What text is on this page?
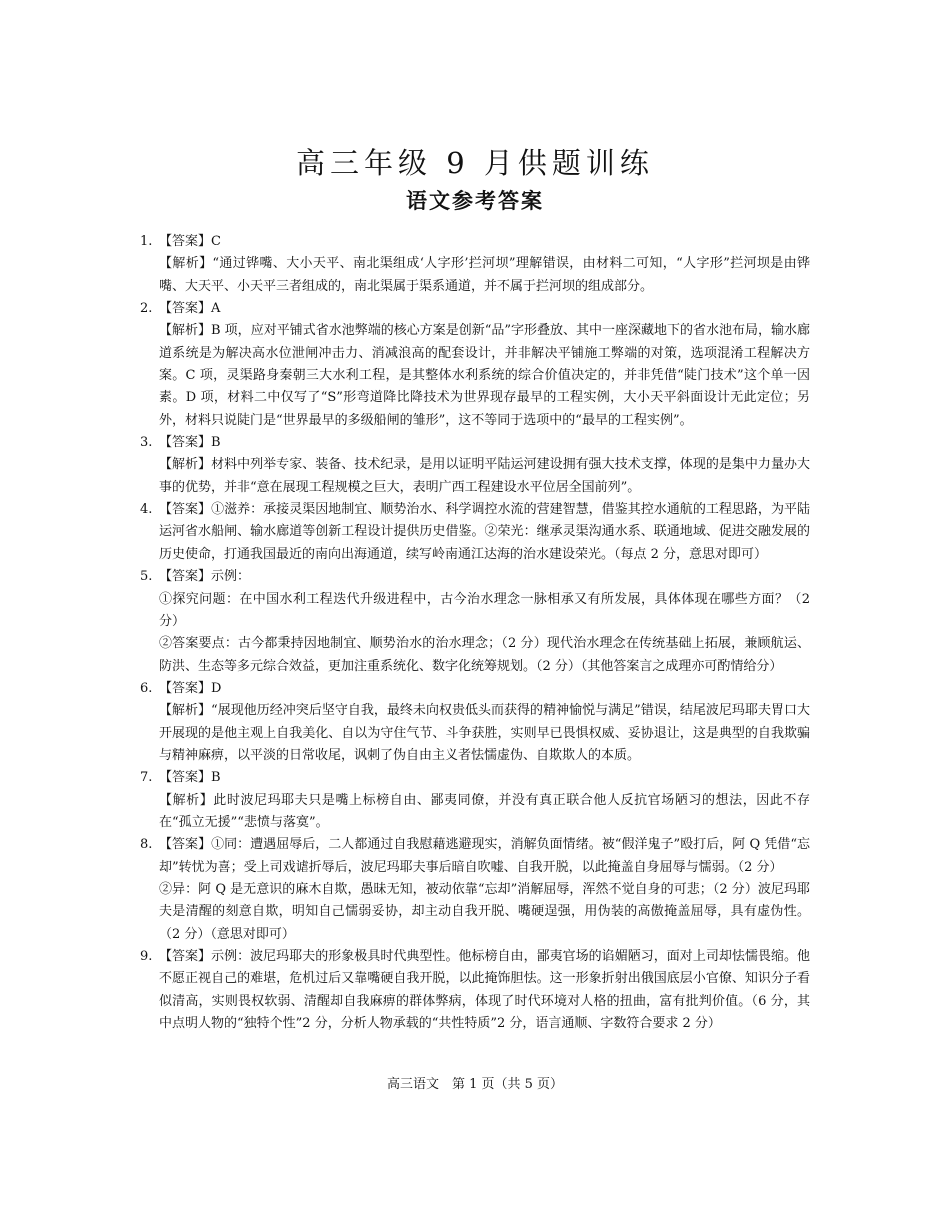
高三年级 9 月供题训练
语文参考答案
1. 【答案】C
【解析】“通过铧嘴、大小天平、南北渠组成‘人字形’拦河坝”理解错误，由材料二可知，“人字形”拦河坝是由铧嘴、大天平、小天平三者组成的，南北渠属于渠系通道，并不属于拦河坝的组成部分。
2. 【答案】A
【解析】B 项，应对平铺式省水池弊端的核心方案是创新“品”字形叠放、其中一座深藏地下的省水池布局，输水廊道系统是为解决高水位泄闸冲击力、消减浪高的配套设计，并非解决平铺施工弊端的对策，选项混淆工程解决方案。C 项，灵渠路身秦朝三大水利工程，是其整体水利系统的综合价值决定的，并非凭借“陡门技术”这个单一因素。D 项，材料二中仅写了“S”形弯道降比降技术为世界现存最早的工程实例，大小天平斜面设计无此定位；另外，材料只说陡门是“世界最早的多级船闸的雏形”，这不等同于选项中的“最早的工程实例”。
3. 【答案】B
【解析】材料中列举专家、装备、技术纪录，是用以证明平陆运河建设拥有强大技术支撑，体现的是集中力量办大事的优势，并非“意在展现工程规模之巨大，表明广西工程建设水平位居全国前列”。
4. 【答案】①滋养：承接灵渠因地制宜、顺势治水、科学调控水流的营建智慧，借鉴其控水通航的工程思路，为平陆运河省水船闸、输水廊道等创新工程设计提供历史借鉴。②荣光：继承灵渠沟通水系、联通地域、促进交融发展的历史使命，打通我国最近的南向出海通道，续写岭南通江达海的治水建设荣光。（每点 2 分，意思对即可）
5. 【答案】示例：
①探究问题：在中国水利工程迭代升级进程中，古今治水理念一脉相承又有所发展，具体体现在哪些方面？（2 分）
②答案要点：古今都秉持因地制宜、顺势治水的治水理念；（2 分）现代治水理念在传统基础上拓展，兼顾航运、防洪、生态等多元综合效益，更加注重系统化、数字化统筹规划。（2 分）（其他答案言之成理亦可酌情给分）
6. 【答案】D
【解析】“展现他历经冲突后坚守自我，最终未向权贵低头而获得的精神愉悦与满足”错误，结尾波尼玛耶夫胃口大开展现的是他主观上自我美化、自以为守住气节、斗争获胜，实则早已畏惧权威、妥协退让，这是典型的自我欺骗与精神麻痹，以平淡的日常收尾，讽刺了伪自由主义者怯懦虚伪、自欺欺人的本质。
7. 【答案】B
【解析】此时波尼玛耶夫只是嘴上标榜自由、鄙夷同僚，并没有真正联合他人反抗官场陋习的想法，因此不存在“孤立无援”“悲愤与落寞”。
8. 【答案】①同：遭遇屈辱后，二人都通过自我慰藉逃避现实，消解负面情绪。被“假洋鬼子”殴打后，阿 Q 凭借“忘却”转忧为喜；受上司戏谑折辱后，波尼玛耶夫事后暗自吹嘘、自我开脱，以此掩盖自身屈辱与懦弱。（2 分）
②异：阿 Q 是无意识的麻木自欺，愚昧无知，被动依靠“忘却”消解屈辱，浑然不觉自身的可悲；（2 分）波尼玛耶夫是清醒的刻意自欺，明知自己懦弱妥协，却主动自我开脱、嘴硬逞强，用伪装的高傲掩盖屈辱，具有虚伪性。（2 分）（意思对即可）
9. 【答案】示例：波尼玛耶夫的形象极具时代典型性。他标榜自由，鄙夷官场的谄媚陋习，面对上司却怯懦畏缩。他不愿正视自己的难堪，危机过后又靠嘴硬自我开脱，以此掩饰胆怯。这一形象折射出俄国底层小官僚、知识分子看似清高，实则畏权软弱、清醒却自我麻痹的群体弊病，体现了时代环境对人格的扭曲，富有批判价值。（6 分，其中点明人物的“独特个性”2 分，分析人物承载的“共性特质”2 分，语言通顺、字数符合要求 2 分）
高三语文　第 1 页（共 5 页）
